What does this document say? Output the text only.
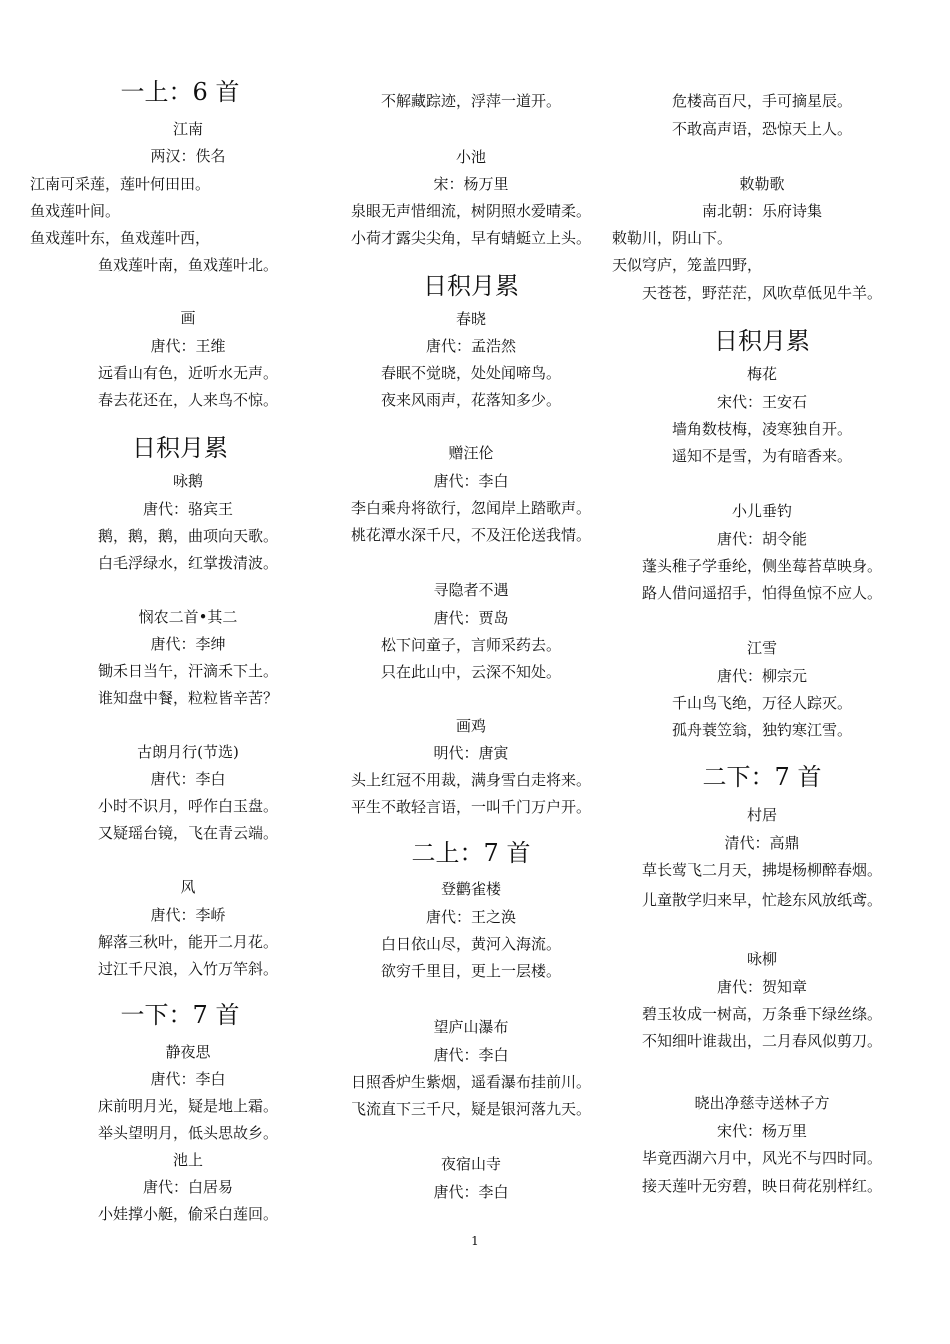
一上：6 首
江南
两汉：佚名
江南可采莲，莲叶何田田。
鱼戏莲叶间。
鱼戏莲叶东，鱼戏莲叶西，
鱼戏莲叶南，鱼戏莲叶北。
画
唐代：王维
远看山有色，近听水无声。
春去花还在，人来鸟不惊。
日积月累
咏鹅
唐代：骆宾王
鹅，鹅，鹅，曲项向天歌。
白毛浮绿水，红掌拨清波。
悯农二首•其二
唐代：李绅
锄禾日当午，汗滴禾下土。
谁知盘中餐，粒粒皆辛苦？
古朗月行(节选)
唐代：李白
小时不识月，呼作白玉盘。
又疑瑶台镜，飞在青云端。
风
唐代：李峤
解落三秋叶，能开二月花。
过江千尺浪，入竹万竿斜。
一下：7 首
静夜思
唐代：李白
床前明月光，疑是地上霜。
举头望明月，低头思故乡。
池上
唐代：白居易
小娃撑小艇，偷采白莲回。
不解藏踪迹，浮萍一道开。
小池
宋：杨万里
泉眼无声惜细流，树阴照水爱晴柔。
小荷才露尖尖角，早有蜻蜓立上头。
日积月累
春晓
唐代：孟浩然
春眠不觉晓，处处闻啼鸟。
夜来风雨声，花落知多少。
赠汪伦
唐代：李白
李白乘舟将欲行，忽闻岸上踏歌声。
桃花潭水深千尺，不及汪伦送我情。
寻隐者不遇
唐代：贾岛
松下问童子，言师采药去。
只在此山中，云深不知处。
画鸡
明代：唐寅
头上红冠不用裁，满身雪白走将来。
平生不敢轻言语，一叫千门万户开。
二上：7 首
登鹳雀楼
唐代：王之涣
白日依山尽，黄河入海流。
欲穷千里目，更上一层楼。
望庐山瀑布
唐代：李白
日照香炉生紫烟，遥看瀑布挂前川。
飞流直下三千尺，疑是银河落九天。
夜宿山寺
唐代：李白
危楼高百尺，手可摘星辰。
不敢高声语，恐惊天上人。
敕勒歌
南北朝：乐府诗集
敕勒川，阴山下。
天似穹庐，笼盖四野，
天苍苍，野茫茫，风吹草低见牛羊。
日积月累
梅花
宋代：王安石
墙角数枝梅，凌寒独自开。
遥知不是雪，为有暗香来。
小儿垂钓
唐代：胡令能
蓬头稚子学垂纶，侧坐莓苔草映身。
路人借问遥招手，怕得鱼惊不应人。
江雪
唐代：柳宗元
千山鸟飞绝，万径人踪灭。
孤舟蓑笠翁，独钓寒江雪。
二下：7 首
村居
清代：高鼎
草长莺飞二月天，拂堤杨柳醉春烟。
儿童散学归来早，忙趁东风放纸鸢。
咏柳
唐代：贺知章
碧玉妆成一树高，万条垂下绿丝绦。
不知细叶谁裁出，二月春风似剪刀。
晓出净慈寺送林子方
宋代：杨万里
毕竟西湖六月中，风光不与四时同。
接天莲叶无穷碧，映日荷花别样红。
1
